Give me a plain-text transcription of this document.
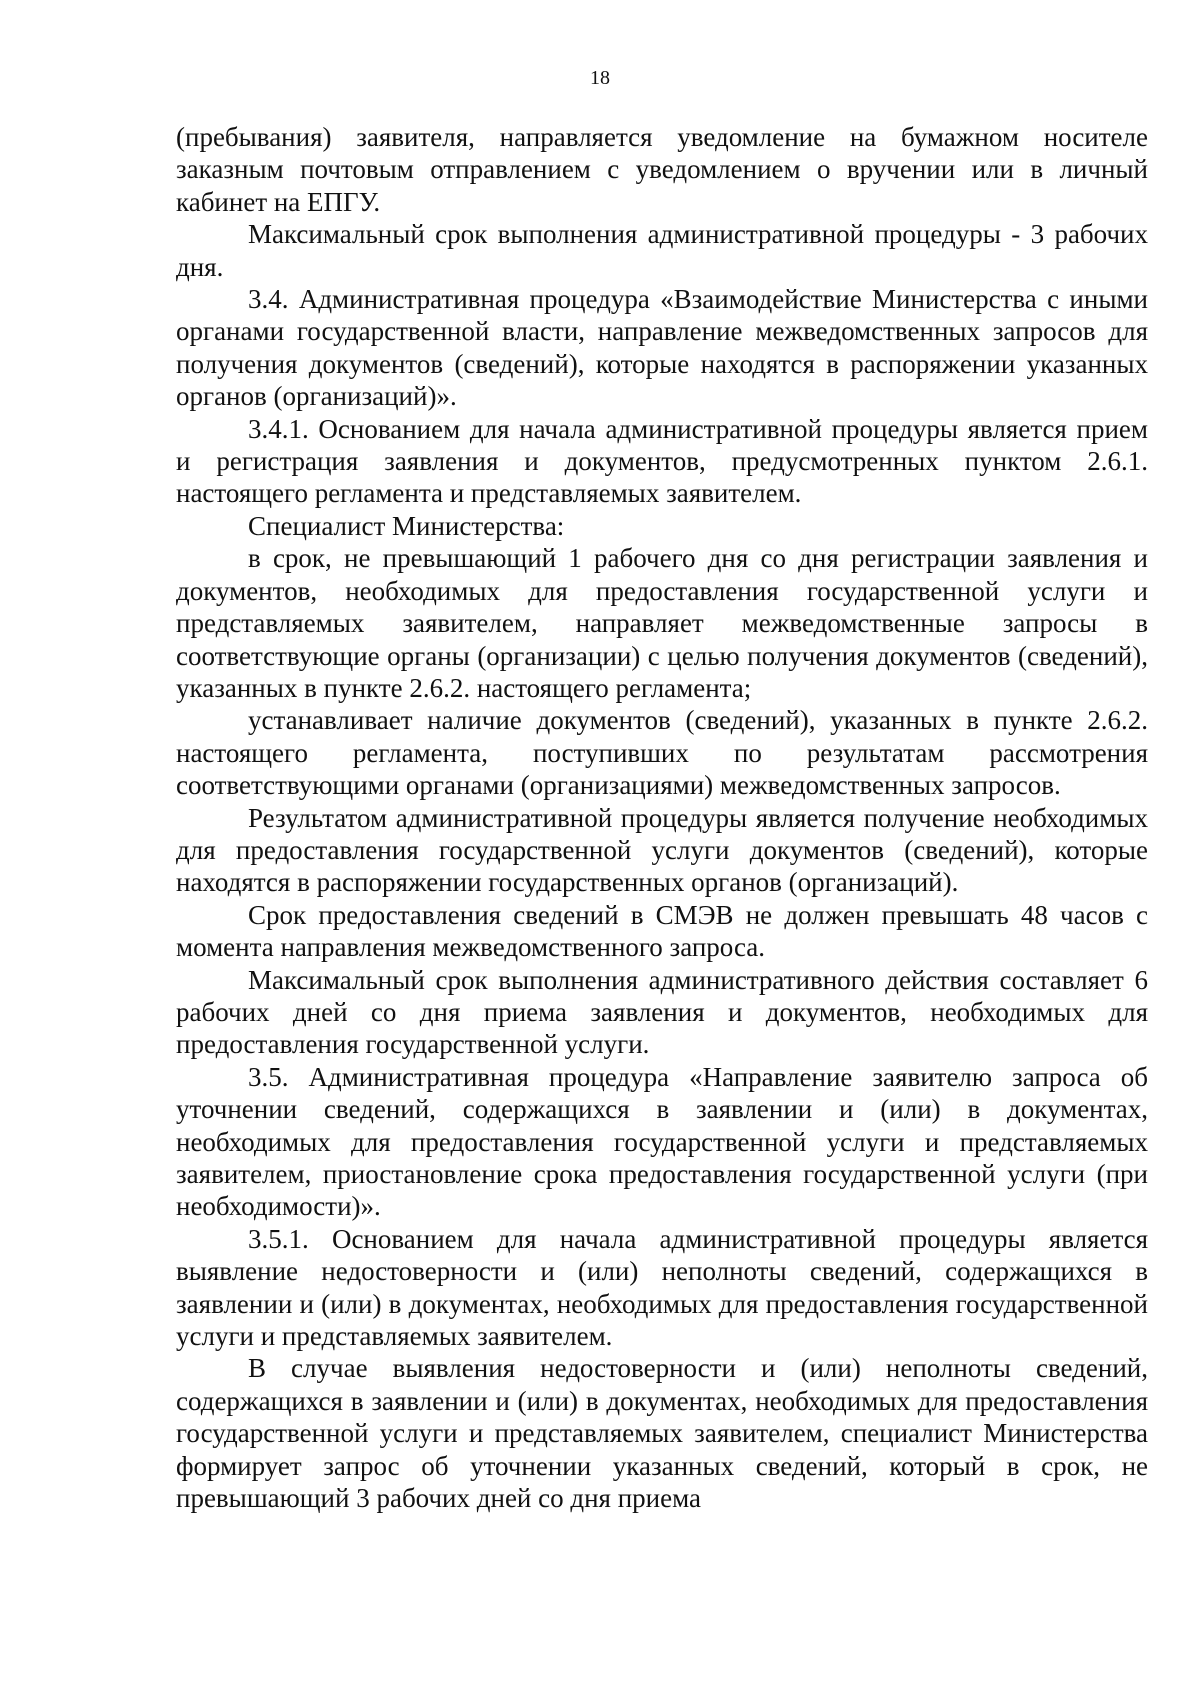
18

(пребывания) заявителя, направляется уведомление на бумажном носителе заказным почтовым отправлением с уведомлением о вручении или в личный кабинет на ЕПГУ.

Максимальный срок выполнения административной процедуры - 3 рабочих дня.

3.4. Административная процедура «Взаимодействие Министерства с иными органами государственной власти, направление межведомственных запросов для получения документов (сведений), которые находятся в распоряжении указанных органов (организаций)».

3.4.1. Основанием для начала административной процедуры является прием и регистрация заявления и документов, предусмотренных пунктом 2.6.1. настоящего регламента и представляемых заявителем.

Специалист Министерства:

в срок, не превышающий 1 рабочего дня со дня регистрации заявления и документов, необходимых для предоставления государственной услуги и представляемых заявителем, направляет межведомственные запросы в соответствующие органы (организации) с целью получения документов (сведений), указанных в пункте 2.6.2. настоящего регламента;

устанавливает наличие документов (сведений), указанных в пункте 2.6.2. настоящего регламента, поступивших по результатам рассмотрения соответствующими органами (организациями) межведомственных запросов.

Результатом административной процедуры является получение необходимых для предоставления государственной услуги документов (сведений), которые находятся в распоряжении государственных органов (организаций).

Срок предоставления сведений в СМЭВ не должен превышать 48 часов с момента направления межведомственного запроса.

Максимальный срок выполнения административного действия составляет 6 рабочих дней со дня приема заявления и документов, необходимых для предоставления государственной услуги.

3.5. Административная процедура «Направление заявителю запроса об уточнении сведений, содержащихся в заявлении и (или) в документах, необходимых для предоставления государственной услуги и представляемых заявителем, приостановление срока предоставления государственной услуги (при необходимости)».

3.5.1. Основанием для начала административной процедуры является выявление недостоверности и (или) неполноты сведений, содержащихся в заявлении и (или) в документах, необходимых для предоставления государственной услуги и представляемых заявителем.

В случае выявления недостоверности и (или) неполноты сведений, содержащихся в заявлении и (или) в документах, необходимых для предоставления государственной услуги и представляемых заявителем, специалист Министерства формирует запрос об уточнении указанных сведений, который в срок, не превышающий 3 рабочих дней со дня приема
